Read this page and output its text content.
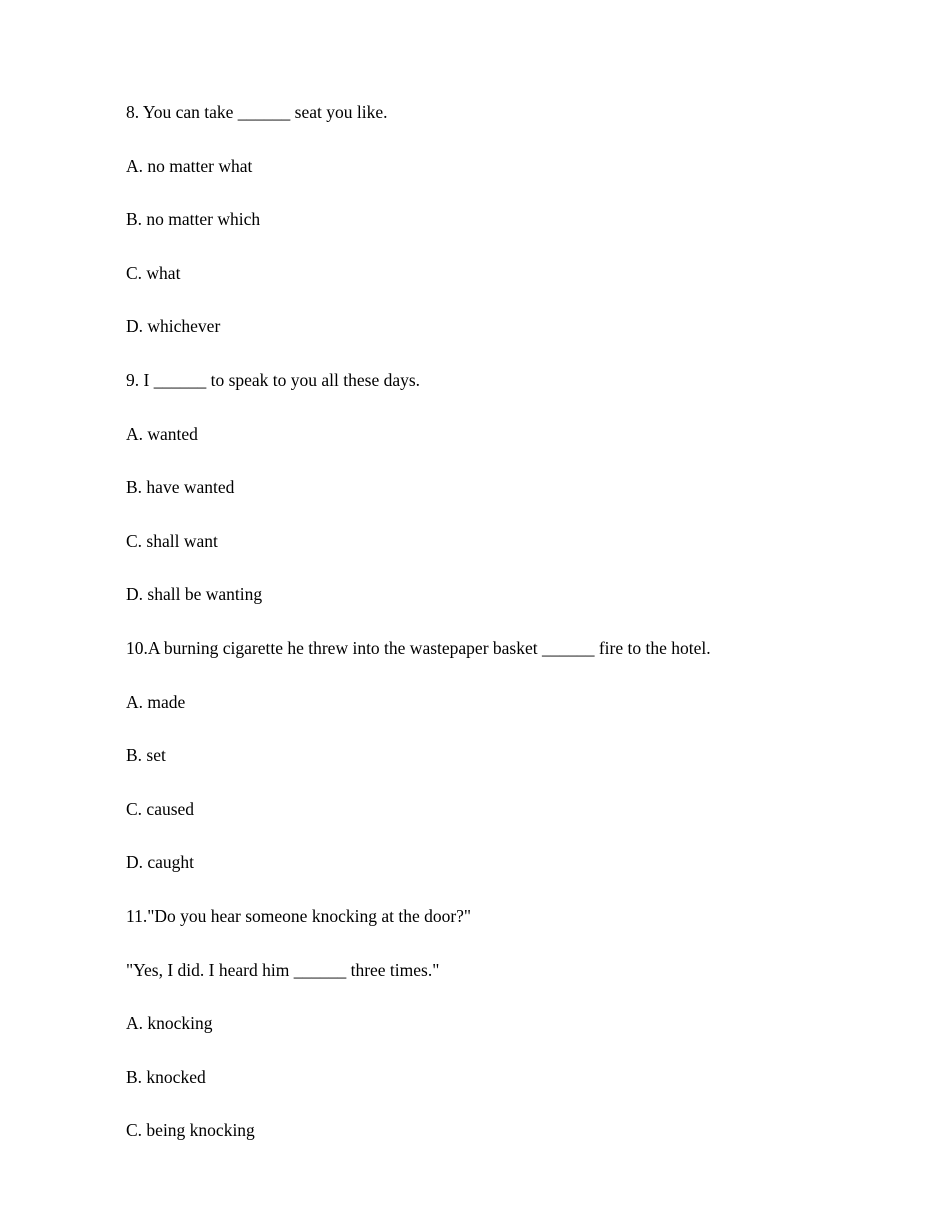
8. You can take ______ seat you like.
A. no matter what
B. no matter which
C. what
D. whichever
9. I ______ to speak to you all these days.
A. wanted
B. have wanted
C. shall want
D. shall be wanting
10.A burning cigarette he threw into the wastepaper basket ______ fire to the hotel.
A. made
B. set
C. caused
D. caught
11."Do you hear someone knocking at the door?"
"Yes, I did. I heard him ______ three times."
A. knocking
B. knocked
C. being knocking
